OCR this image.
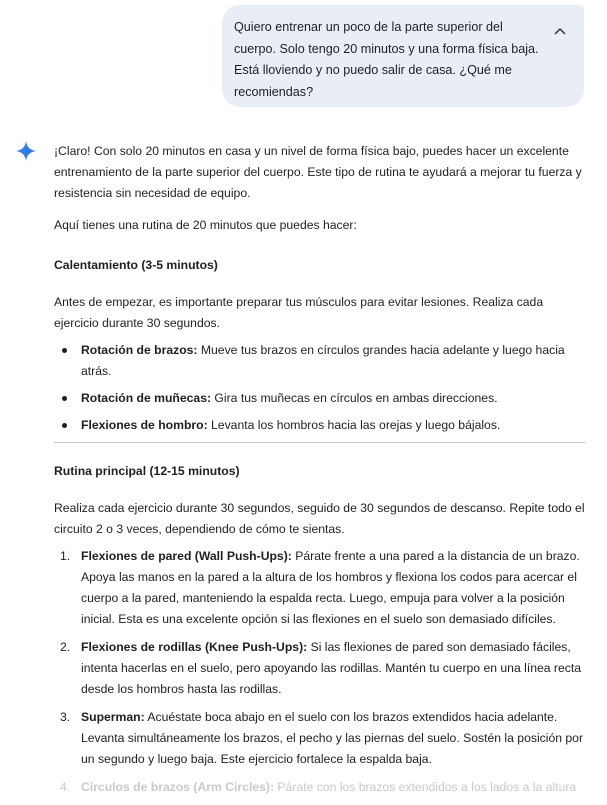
Quiero entrenar un poco de la parte superior del cuerpo. Solo tengo 20 minutos y una forma física baja. Está lloviendo y no puedo salir de casa. ¿Qué me recomiendas?

¡Claro! Con solo 20 minutos en casa y un nivel de forma física bajo, puedes hacer un excelente entrenamiento de la parte superior del cuerpo. Este tipo de rutina te ayudará a mejorar tu fuerza y resistencia sin necesidad de equipo.

Aquí tienes una rutina de 20 minutos que puedes hacer:

Calentamiento (3-5 minutos)

Antes de empezar, es importante preparar tus músculos para evitar lesiones. Realiza cada ejercicio durante 30 segundos.

Rotación de brazos: Mueve tus brazos en círculos grandes hacia adelante y luego hacia atrás.
Rotación de muñecas: Gira tus muñecas en círculos en ambas direcciones.
Flexiones de hombro: Levanta los hombros hacia las orejas y luego bájalos.

Rutina principal (12-15 minutos)

Realiza cada ejercicio durante 30 segundos, seguido de 30 segundos de descanso. Repite todo el circuito 2 o 3 veces, dependiendo de cómo te sientas.

1. Flexiones de pared (Wall Push-Ups): Párate frente a una pared a la distancia de un brazo. Apoya las manos en la pared a la altura de los hombros y flexiona los codos para acercar el cuerpo a la pared, manteniendo la espalda recta. Luego, empuja para volver a la posición inicial. Esta es una excelente opción si las flexiones en el suelo son demasiado difíciles.
2. Flexiones de rodillas (Knee Push-Ups): Si las flexiones de pared son demasiado fáciles, intenta hacerlas en el suelo, pero apoyando las rodillas. Mantén tu cuerpo en una línea recta desde los hombros hasta las rodillas.
3. Superman: Acuéstate boca abajo en el suelo con los brazos extendidos hacia adelante. Levanta simultáneamente los brazos, el pecho y las piernas del suelo. Sostén la posición por un segundo y luego baja. Este ejercicio fortalece la espalda baja.
4. Círculos de brazos (Arm Circles): Párate con los brazos extendidos a los lados a la altura
